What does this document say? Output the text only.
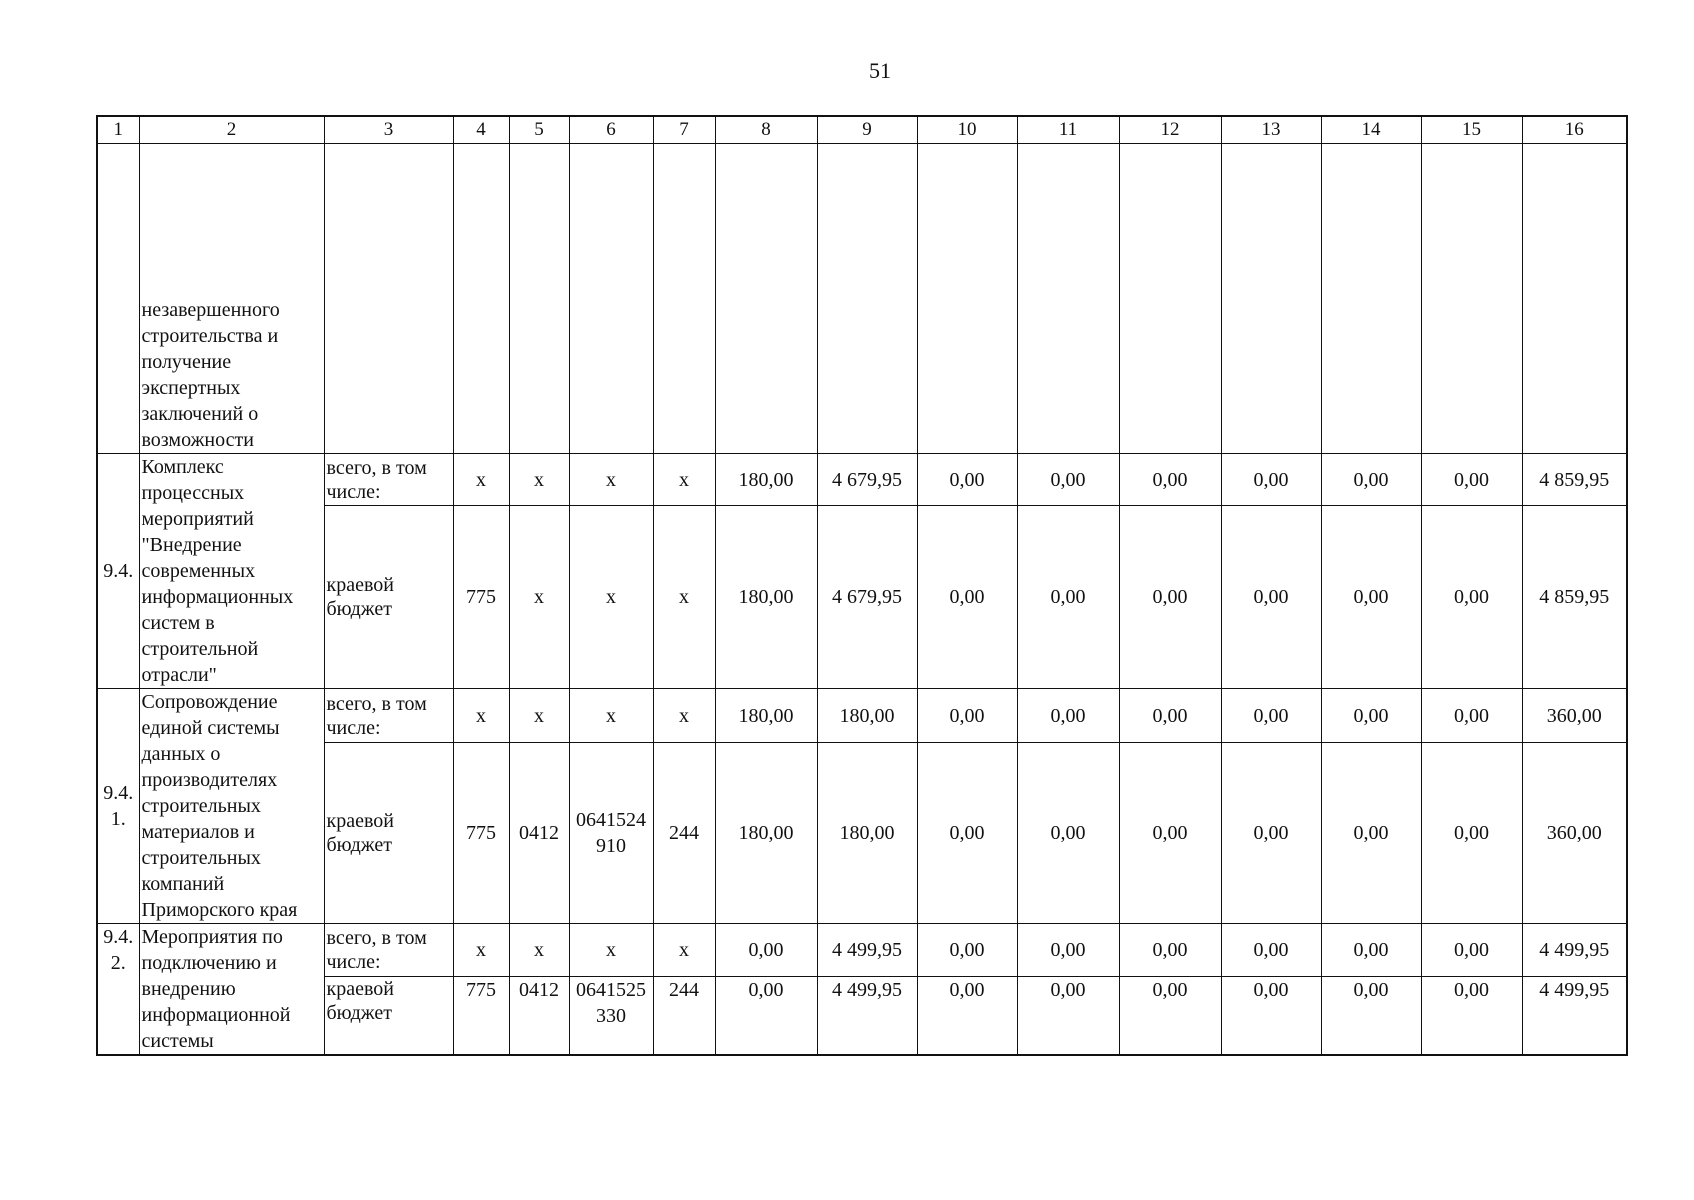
51
1	2	3	4	5	6	7	8	9	10	11	12	13	14	15	16
	незавершенного строительства и получение экспертных заключений о возможности														
9.4.	Комплекс процессных мероприятий "Внедрение современных информационных систем в строительной отрасли"	всего, в том числе:	x	x	x	x	180,00	4 679,95	0,00	0,00	0,00	0,00	0,00	0,00	4 859,95
		краевой бюджет	775	x	x	x	180,00	4 679,95	0,00	0,00	0,00	0,00	0,00	0,00	4 859,95
9.4. 1.	Сопровождение единой системы данных о производителях строительных материалов и строительных компаний Приморского края	всего, в том числе:	x	x	x	x	180,00	180,00	0,00	0,00	0,00	0,00	0,00	0,00	360,00
		краевой бюджет	775	0412	0641524 910	244	180,00	180,00	0,00	0,00	0,00	0,00	0,00	0,00	360,00
9.4. 2.	Мероприятия по подключению и внедрению информационной системы	всего, в том числе:	x	x	x	x	0,00	4 499,95	0,00	0,00	0,00	0,00	0,00	0,00	4 499,95
		краевой бюджет	775	0412	0641525 330	244	0,00	4 499,95	0,00	0,00	0,00	0,00	0,00	0,00	4 499,95
